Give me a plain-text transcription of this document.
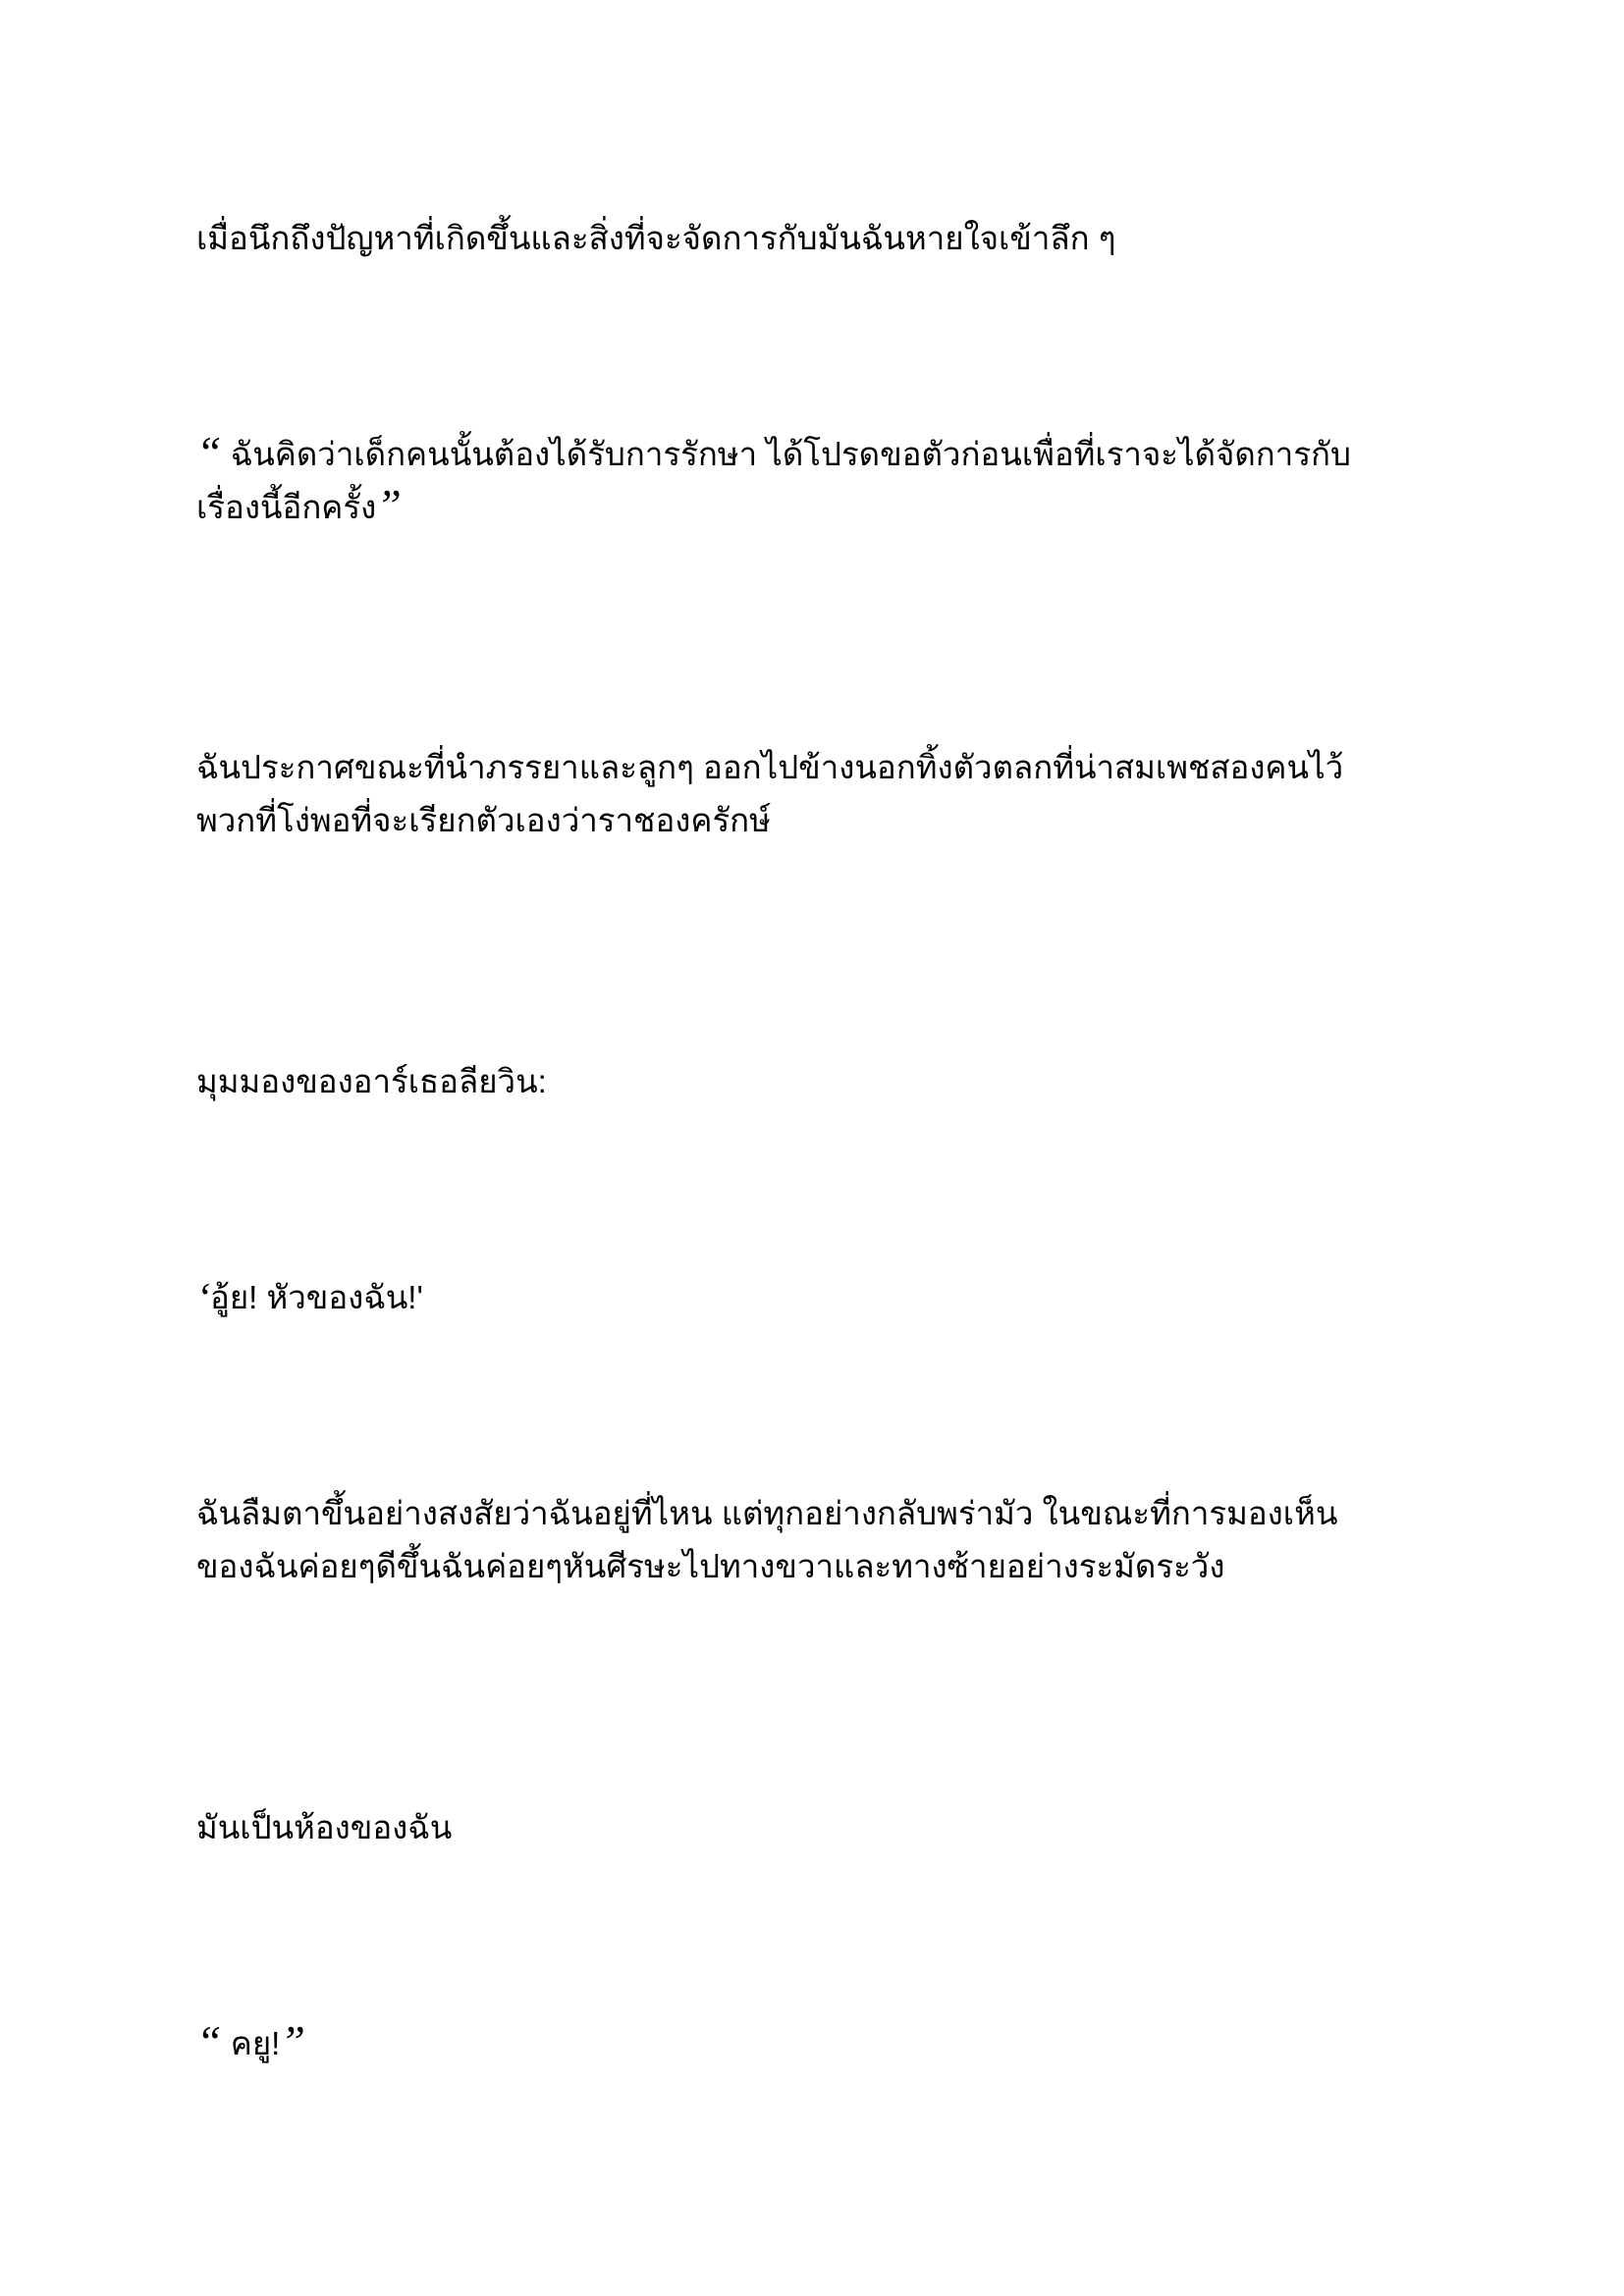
เมื่อนึกถึงปัญหาที่เกิดขึ้นและสิ่งที่จะจัดการกับมันฉันหายใจเข้าลึก ๆ

“ ฉันคิดว่าเด็กคนนั้นต้องได้รับการรักษา ได้โปรดขอตัวก่อนเพื่อที่เราจะได้จัดการกับ
เรื่องนี้อีกครั้ง”

ฉันประกาศขณะที่นำภรรยาและลูกๆ ออกไปข้างนอกทิ้งตัวตลกที่น่าสมเพชสองคนไว้
พวกที่โง่พอที่จะเรียกตัวเองว่าราชองครักษ์

มุมมองของอาร์เธอลียวิน:

‘อู้ย! หัวของฉัน!'

ฉันลืมตาขึ้นอย่างสงสัยว่าฉันอยู่ที่ไหน แต่ทุกอย่างกลับพร่ามัว ในขณะที่การมองเห็น
ของฉันค่อยๆดีขึ้นฉันค่อยๆหันศีรษะไปทางขวาและทางซ้ายอย่างระมัดระวัง

มันเป็นห้องของฉัน

“ คยู!”
